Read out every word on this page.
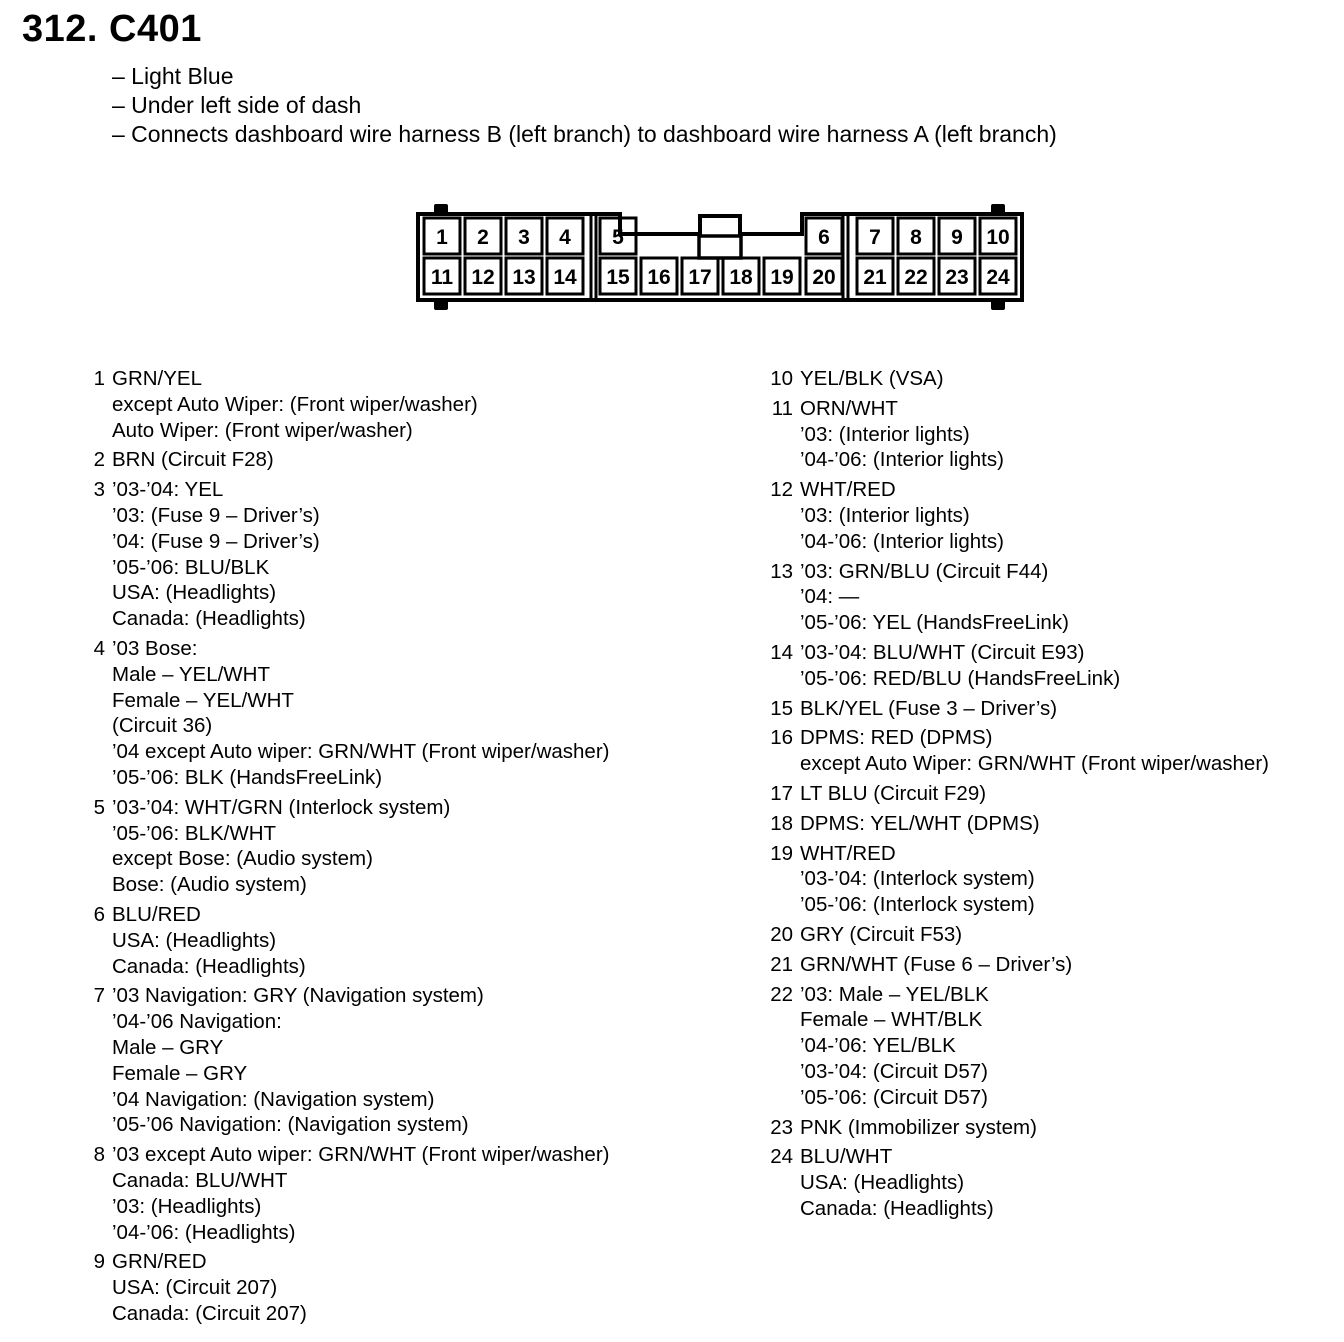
312. C401
– Light Blue
– Under left side of dash
– Connects dashboard wire harness B (left branch) to dashboard wire harness A (left branch)
1 2 3 4 5	6 7 8 9 10
11 12 13 14 15 16 17 18 19 20 21 22 23 24
1 GRN/YEL
except Auto Wiper: (Front wiper/washer)
Auto Wiper: (Front wiper/washer)
2 BRN (Circuit F28)
3 ’03-’04: YEL
’03: (Fuse 9 – Driver’s)
’04: (Fuse 9 – Driver’s)
’05-’06: BLU/BLK
USA: (Headlights)
Canada: (Headlights)
4 ’03 Bose:
Male – YEL/WHT
Female – YEL/WHT
(Circuit 36)
’04 except Auto wiper: GRN/WHT (Front wiper/washer)
’05-’06: BLK (HandsFreeLink)
5 ’03-’04: WHT/GRN (Interlock system)
’05-’06: BLK/WHT
except Bose: (Audio system)
Bose: (Audio system)
6 BLU/RED
USA: (Headlights)
Canada: (Headlights)
7 ’03 Navigation: GRY (Navigation system)
’04-’06 Navigation:
Male – GRY
Female – GRY
’04 Navigation: (Navigation system)
’05-’06 Navigation: (Navigation system)
8 ’03 except Auto wiper: GRN/WHT (Front wiper/washer)
Canada: BLU/WHT
’03: (Headlights)
’04-’06: (Headlights)
9 GRN/RED
USA: (Circuit 207)
Canada: (Circuit 207)
10 YEL/BLK (VSA)
11 ORN/WHT
’03: (Interior lights)
’04-’06: (Interior lights)
12 WHT/RED
’03: (Interior lights)
’04-’06: (Interior lights)
13 ’03: GRN/BLU (Circuit F44)
’04: —
’05-’06: YEL (HandsFreeLink)
14 ’03-’04: BLU/WHT (Circuit E93)
’05-’06: RED/BLU (HandsFreeLink)
15 BLK/YEL (Fuse 3 – Driver’s)
16 DPMS: RED (DPMS)
except Auto Wiper: GRN/WHT (Front wiper/washer)
17 LT BLU (Circuit F29)
18 DPMS: YEL/WHT (DPMS)
19 WHT/RED
’03-’04: (Interlock system)
’05-’06: (Interlock system)
20 GRY (Circuit F53)
21 GRN/WHT (Fuse 6 – Driver’s)
22 ’03: Male – YEL/BLK
Female – WHT/BLK
’04-’06: YEL/BLK
’03-’04: (Circuit D57)
’05-’06: (Circuit D57)
23 PNK (Immobilizer system)
24 BLU/WHT
USA: (Headlights)
Canada: (Headlights)
